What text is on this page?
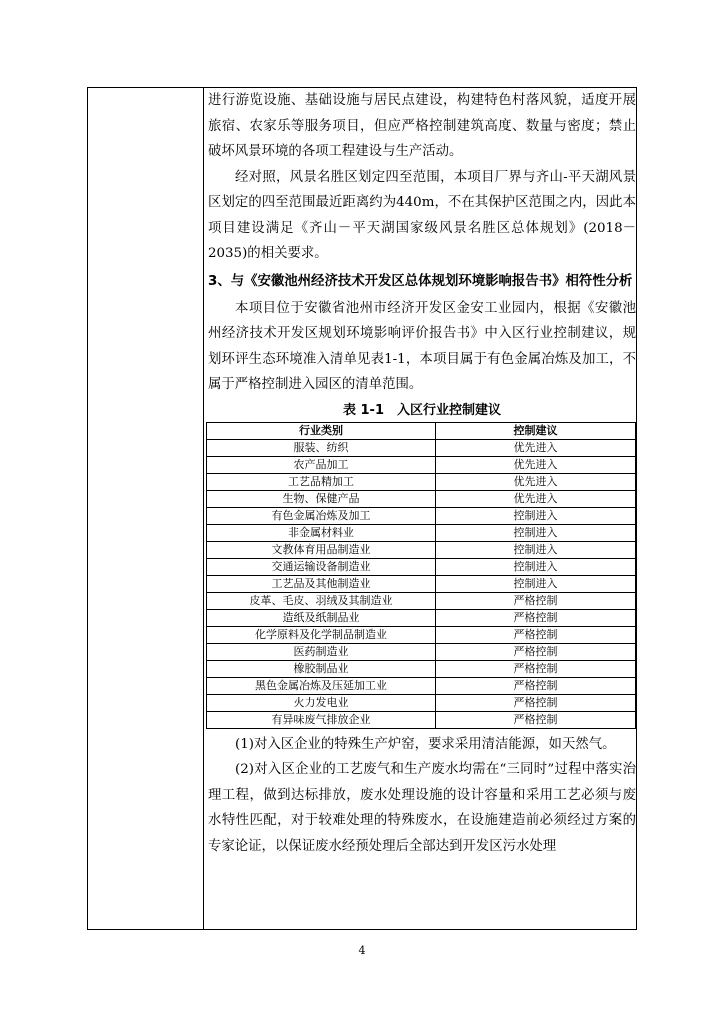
进行游览设施、基础设施与居民点建设，构建特色村落风貌，适度开展旅宿、农家乐等服务项目，但应严格控制建筑高度、数量与密度；禁止破坏风景环境的各项工程建设与生产活动。

经对照，风景名胜区划定四至范围，本项目厂界与齐山-平天湖风景区划定的四至范围最近距离约为440m，不在其保护区范围之内，因此本项目建设满足《齐山－平天湖国家级风景名胜区总体规划》(2018－2035)的相关要求。

3、与《安徽池州经济技术开发区总体规划环境影响报告书》相符性分析

本项目位于安徽省池州市经济开发区金安工业园内，根据《安徽池州经济技术开发区规划环境影响评价报告书》中入区行业控制建议，规划环评生态环境准入清单见表1-1，本项目属于有色金属冶炼及加工，不属于严格控制进入园区的清单范围。

表 1-1　入区行业控制建议

行业类别	控制建议
服装、纺织	优先进入
农产品加工	优先进入
工艺品精加工	优先进入
生物、保健产品	优先进入
有色金属冶炼及加工	控制进入
非金属材料业	控制进入
文教体育用品制造业	控制进入
交通运输设备制造业	控制进入
工艺品及其他制造业	控制进入
皮革、毛皮、羽绒及其制造业	严格控制
造纸及纸制品业	严格控制
化学原料及化学制品制造业	严格控制
医药制造业	严格控制
橡胶制品业	严格控制
黑色金属冶炼及压延加工业	严格控制
火力发电业	严格控制
有异味废气排放企业	严格控制

(1)对入区企业的特殊生产炉窑，要求采用清洁能源，如天然气。

(2)对入区企业的工艺废气和生产废水均需在“三同时”过程中落实治理工程，做到达标排放，废水处理设施的设计容量和采用工艺必须与废水特性匹配，对于较难处理的特殊废水，在设施建造前必须经过方案的专家论证，以保证废水经预处理后全部达到开发区污水处理

4
